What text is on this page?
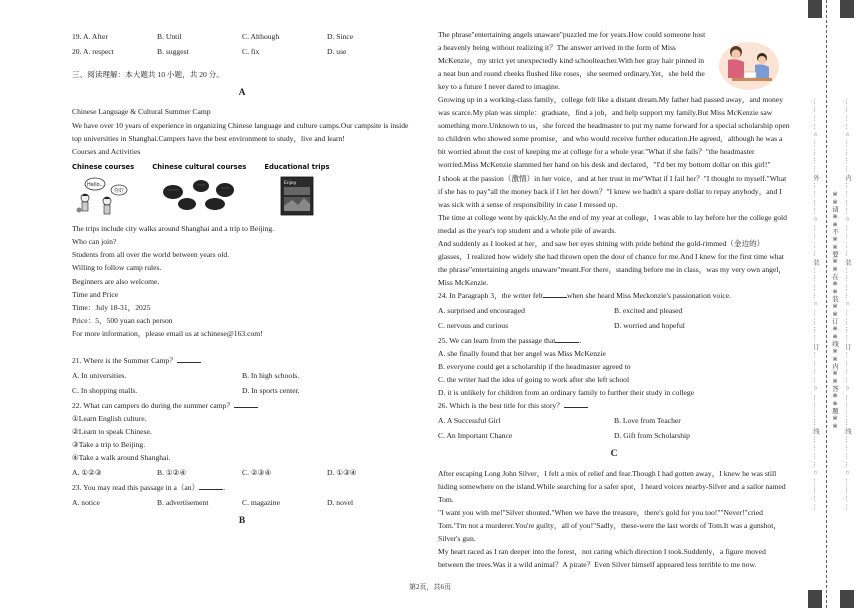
19. A. After	B. Until	C. Although	D. Since
20. A. respect	B. suggest	C. fix	D. use

三、阅读理解：本大题共 10 小题，共 20 分。

A

Chinese Language & Cultural Summer Camp

We have over 10 years of experience in organizing Chinese language and culture camps.Our campsite is inside top universities in Shanghai.Campers have the best environment to study，live and learn!

Courses and Activities

Chinese courses
Hello...
你好
Chinese cultural courses	Educational trips
Enjoy

The trips include city walks around Shanghai and a trip to Beijing.

Who can join?

Students from all over the world between years old.

Willing to follow camp rules.

Beginners are also welcome.

Time and Price

Time：July 18-31，2025

Price：5，500 yuan each person

For more information，please email us at schinese@163.com!

21. Where is the Summer Camp？

A. In universities.	B. In high schools.
C. In shopping malls.	D. In sports center.

22. What can campers do during the summer camp？

①Learn English culture.

②Learn to speak Chinese.

③Take a trip to Beijing.

④Take a walk around Shanghai.

A. ①②③	B. ①②④	C. ②③④	D. ①③④

23. You may read this passage in a（an）	.

A. notice	B. advertisement	C. magazine	D. novel
B

The phrase"entertaining angels unaware"puzzled me for years.How could someone host a heavenly being without realizing it？The answer arrived in the form of Miss McKenzie，my strict yet unexpectedly kind schoolteacher.With her gray hair pinned in a neat bun and round cheeks flushed like roses，she seemed ordinary.Yet，she held the key to a future I never dared to imagine.

Growing up in a working-class family，college felt like a distant dream.My father had passed away，and money was scarce.My plan was simple：graduate，find a job，and help support my family.But Miss McKenzie saw something more.Unknown to us，she forced the headmaster to put my name forward for a special scholarship open to children who showed some promise，and who would receive further education.He agreed，although he was a bit worried about the cost of keeping me at college for a whole year."What if she fails？"the headmaster worried.Miss McKenzie slammed her hand on his desk and declared，"I'd bet my bottom dollar on this girl!"

I shook at the passion（激情）in her voice，and at her trust in me"What if I fail her？"I thought to myself."What if she has to pay"all the money back if I let her down？"I knew we hadn't a spare dollar to repay anybody，and I was sick with a sense of responsibility in case I messed up.

The time at college went by quickly.At the end of my year at college，I was able to lay before her the college gold medal as the year's top student and a whole pile of awards.

And suddenly as I looked at her，and saw her eyes shining with pride behind the gold-rimmed（金边的）glasses，I realized how widely she had thrown open the door of chance for me.And I knew for the first time what the phrase"entertaining angels unaware"meant.For there，standing before me in class，was my very own angel，Miss McKenzie.

24. In Paragraph 3，the writer felt	when she heard Miss Meckonzie's passionation voice.

A. surprised and encouraged	B. excited and pleased
C. nervous and curious	D. worried and hopeful

25. We can learn from the passage that	.

A. she finally found that her angel was Miss McKenzie

B. everyone could get a scholarship if the headmaster agreed to

C. the writer had the idea of going to work after she left school

D. it is unlikely for children from an ordinary family to further their study in college

26. Which is the best title for this story？

A. A Successful Girl	B. Love from Teacher
C. An Important Chance	D. Gift from Scholarship
C

After escaping Long John Silver，I felt a mix of relief and fear.Though I had gotten away，I knew he was still hiding somewhere on the island.While searching for a safer spot，I heard voices nearby-Silver and a sailor named Tom.

"I want you with me!"Silver shouted."When we have the treasure，there's gold for you too!""Never!"cried Tom."I'm not a murderer.You're guilty，all of you!"Sadly，these-were the last words of Tom.It was a gunshot，Silver's gun.

My heart raced as I ran deeper into the forest，not caring which direction I took.Suddenly，a figure moved between the trees.Was it a wild animal？A pirate？Even Silver himself appeared less terrible to me now.

第2页，共6页
…………○…………外…………○…………装…………○…………订…………○…………线…………○…………	※※请※※不※※要※※在※※装※※订※※线※※内※※答※※题※※ …………○…………内…………○…………装…………○…………订…………○…………线…………○…………
